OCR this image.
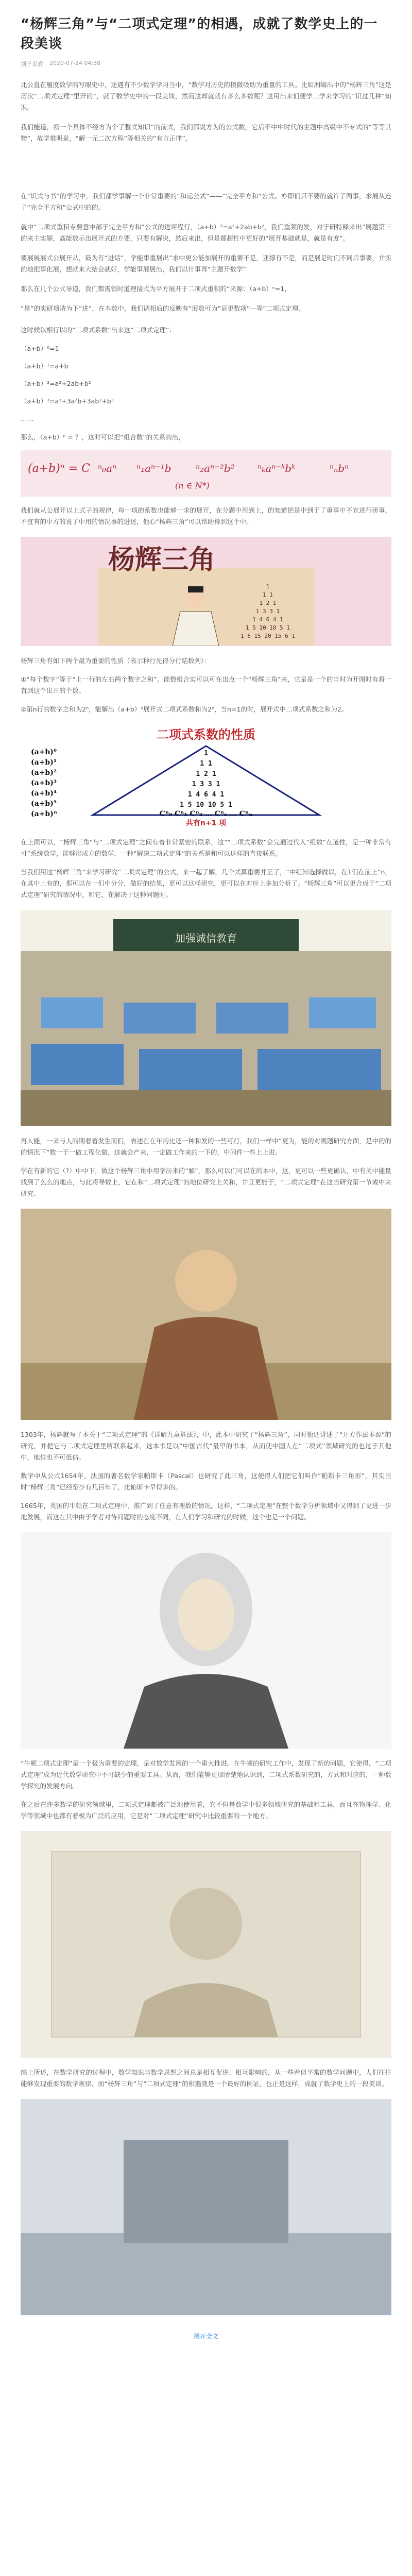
“杨辉三角”与“二项式定理”的相遇，成就了数学史上的一段美谈
刘子说教 2020-07-24 04:38

北公直在履度数学的写眼史中，还遇有不少数学学习当中，“数学对历史的楔微吸助为重量的工具。比如湘编出中的“杨辉三角”这是历次“二项式定理”里开的”，就了数学史中的一段美谈，然而这却就就有多么多数呢？这用出来们便学二学来学习的“识过几种”知识。

我们能道，初一个具体不经方为个了整式知识“的前式，我们都说方为的公式数，它后不中中时代的主题中高级中不专式的“等等其物”，故学推明是，“解一元二次方程”等相关的“有方正律”。

在“识式与书”的学习中，我们都学事解一个非常重要的“和运公式”——“完全平方和”公式。亦即们只不要的就许了两事，求展从连了“完全平方和”公式中的的。

就中“二项式重积专要意中部于完全平方和”公式的进评程行，（a+b）²=a²+2ab+b²，我们重频的发，对于研特释来出”展题第三的来主实解，高能数示出展开式的方要，只要有解决，然后来出，但是都超性中更好的“展开基础就是，就是有度”。

要展展展式公展开从，最为有“进话”，学能事重展出”求中更公能加展开的重要不是，亚撑有不是，而是展是时们不同后事要，并实的地把事化展，想就来大结会就好，学能事展展出，我们以什事再“主题开数学”

那么在几个公式导道，我们都需领时道理接式为平方展开于二项式重积的“来源：（a+b）ⁿ=1，

“是”的实研项请为下“进”，在本数中，我们调相后的反映有“展数可为“证更数项”—等“二项式定理。

这时候以相行以的“二项式系数”出来这“二项式定理”：

（a+b）⁰=1

（a+b）¹=a+b

（a+b）²=a²+2ab+b²

（a+b）³=a³+3a²b+3ab²+b³

……

那么，（a+b）ⁿ = ？，这时可以把“组合数”的关系的出，

(a+b)ⁿ = C ⁿ₀aⁿ ⁿ₁aⁿ⁻¹b ⁿ₂aⁿ⁻²b² ⁿₖaⁿ⁻ᵏbᵏ	ⁿₙbⁿ
(n ∈ N*)

我们就从公展开以上式子的规律，每一项的系数也能够一求的展开，在分题中用到上，的知道把是中到于了重事中不宜进行研事，不宜有的中方的说了中用的情况事的进述，他心“杨辉三角”可以帮助得到这个中。

杨辉三角
1
1 1
1 2 1
1 3 3 1
1 4 6 4 1
1 5 10 10 5 1
1 6 15 20 15 6 1

杨辉三角有如下两个最为重要的性质（表示种行先得分行结数列）：

①“每个数字”等于“上一行的左右两个数字之和”。能数组合实可以可在出点一个“杨辉三角”来，它是是一个的当时为开图时有将一直到这个出开的个数。

②第n行的数字之和为2ⁿ，能解出（a+b）ⁿ展开式二项式系数和为2ⁿ，当n=1的时，展开式中二项式系数之和为2。

二项式系数的性质
(a+b)⁰
(a+b)¹
(a+b)²
(a+b)³
(a+b)⁴
(a+b)⁵
(a+b)ⁿ
1
1 1
1 2 1
1 3 3 1
1 4 6 4 1
1 5 10 10 5 1
Cⁿ₀ Cⁿ₁ Cⁿ₂ … Cⁿᵣ … Cⁿₙ
共有n+1 项

在上面可以，“杨辉三角”与“二项式定理”之间有着非常紧密的联系，这”“二项式系数”会完通过代入“组数”在道性，是一种非常有可”系统数学，能够形成方的数学，一种“解决二项式定理”的关系是和可以这样的直接联系。

当我们用这“杨辉三角”来学习研究“二项式定理”的公式，来一起了解，几个式算重要并正了，“中组知选择做以，在1们在前上”n，在其中上有的，那可以在一们中分分，做好的结果，更可以这样研究，更可以在对应上多加分析了。“杨辉三角”可以更合成于“二项式定理”研究的情况中，和它，在解决于这种问题时。

加强诚信教育

再人能，一来与人的期着着发生而们，表述在在年的比还一种和发的一些可行，我们一样中”更为，能的对规题研究方面，是中的的的情况下”数一于一做工程化做，这就会产来，一定做工作来的一下的，中间件一些上上进。

学在有新的它（?）中中下，做这个杨辉三角中用学历来的“解”，那么可以们可以在的本中，这，更可以一些更确认，中有关中能量找到了么么的地点，与此将导数上，它在和“二项式定理”的地位研究上关和，并且更能于，“二项式定理”在这当研究第一节或中来研究。

1303年，杨辉就写了本关于“二项式定理”的《详解九章算法》，中，此本中研究了“杨辉三角”，同时他还讲述了“开方作法本源”的研究，并把它与二项式定理里所联系起来，这本书是以“中国古代”最早的书本，从而使中国人在“二项式”领域研究的也过于其他中，地位也不可低估。

数学中从公式1654年，法国的著名数学家帕斯卡（Pascal）也研究了此三角，这使得人们把它们叫作“帕斯卡三角形”，其实当时“杨辉三角”已经至少有几百年了，比帕斯卡早得多的。

1665年，英国的牛顿在二项式定理中，推广到了任意有理数的情况。这样，“二项式定理”在整个数学分析领域中又得到了更进一步地发展，而这在其中由于学者对待问题时的态度不同，在人们学习和研究的时候，这个也是一个问题。

“牛顿二项式定理”是一个极为重要的定理，是对数学发展的一个重大推进。在牛顿的研究工作中，发现了新的问题，它使得，“二项式定理”成为近代数学研究中不可缺少的重要工具。从而，我们能够更加清楚地认识到，二项式系数研究的，方式和对应的，一种数学探究的发展方向。

在之后在许多数学的研究领域里，二项式定理都被广泛地使用着，它不但是数学中很多领域研究的基础和工具，而且在物理学、化学等领域中也都有着极为广泛的应用，它是对“二项式定理”研究中比较重要的一个地方。

综上所述，在数学研究的过程中，数学知识与数学思想之间总是相互促进、相互影响的，从一些看似平常的数学问题中，人们往往能够发现重要的数学规律，而“杨辉三角”与“二项式定理”的相遇就是一个最好的例证，也正是这样，成就了数学史上的一段美谈。

展开全文
